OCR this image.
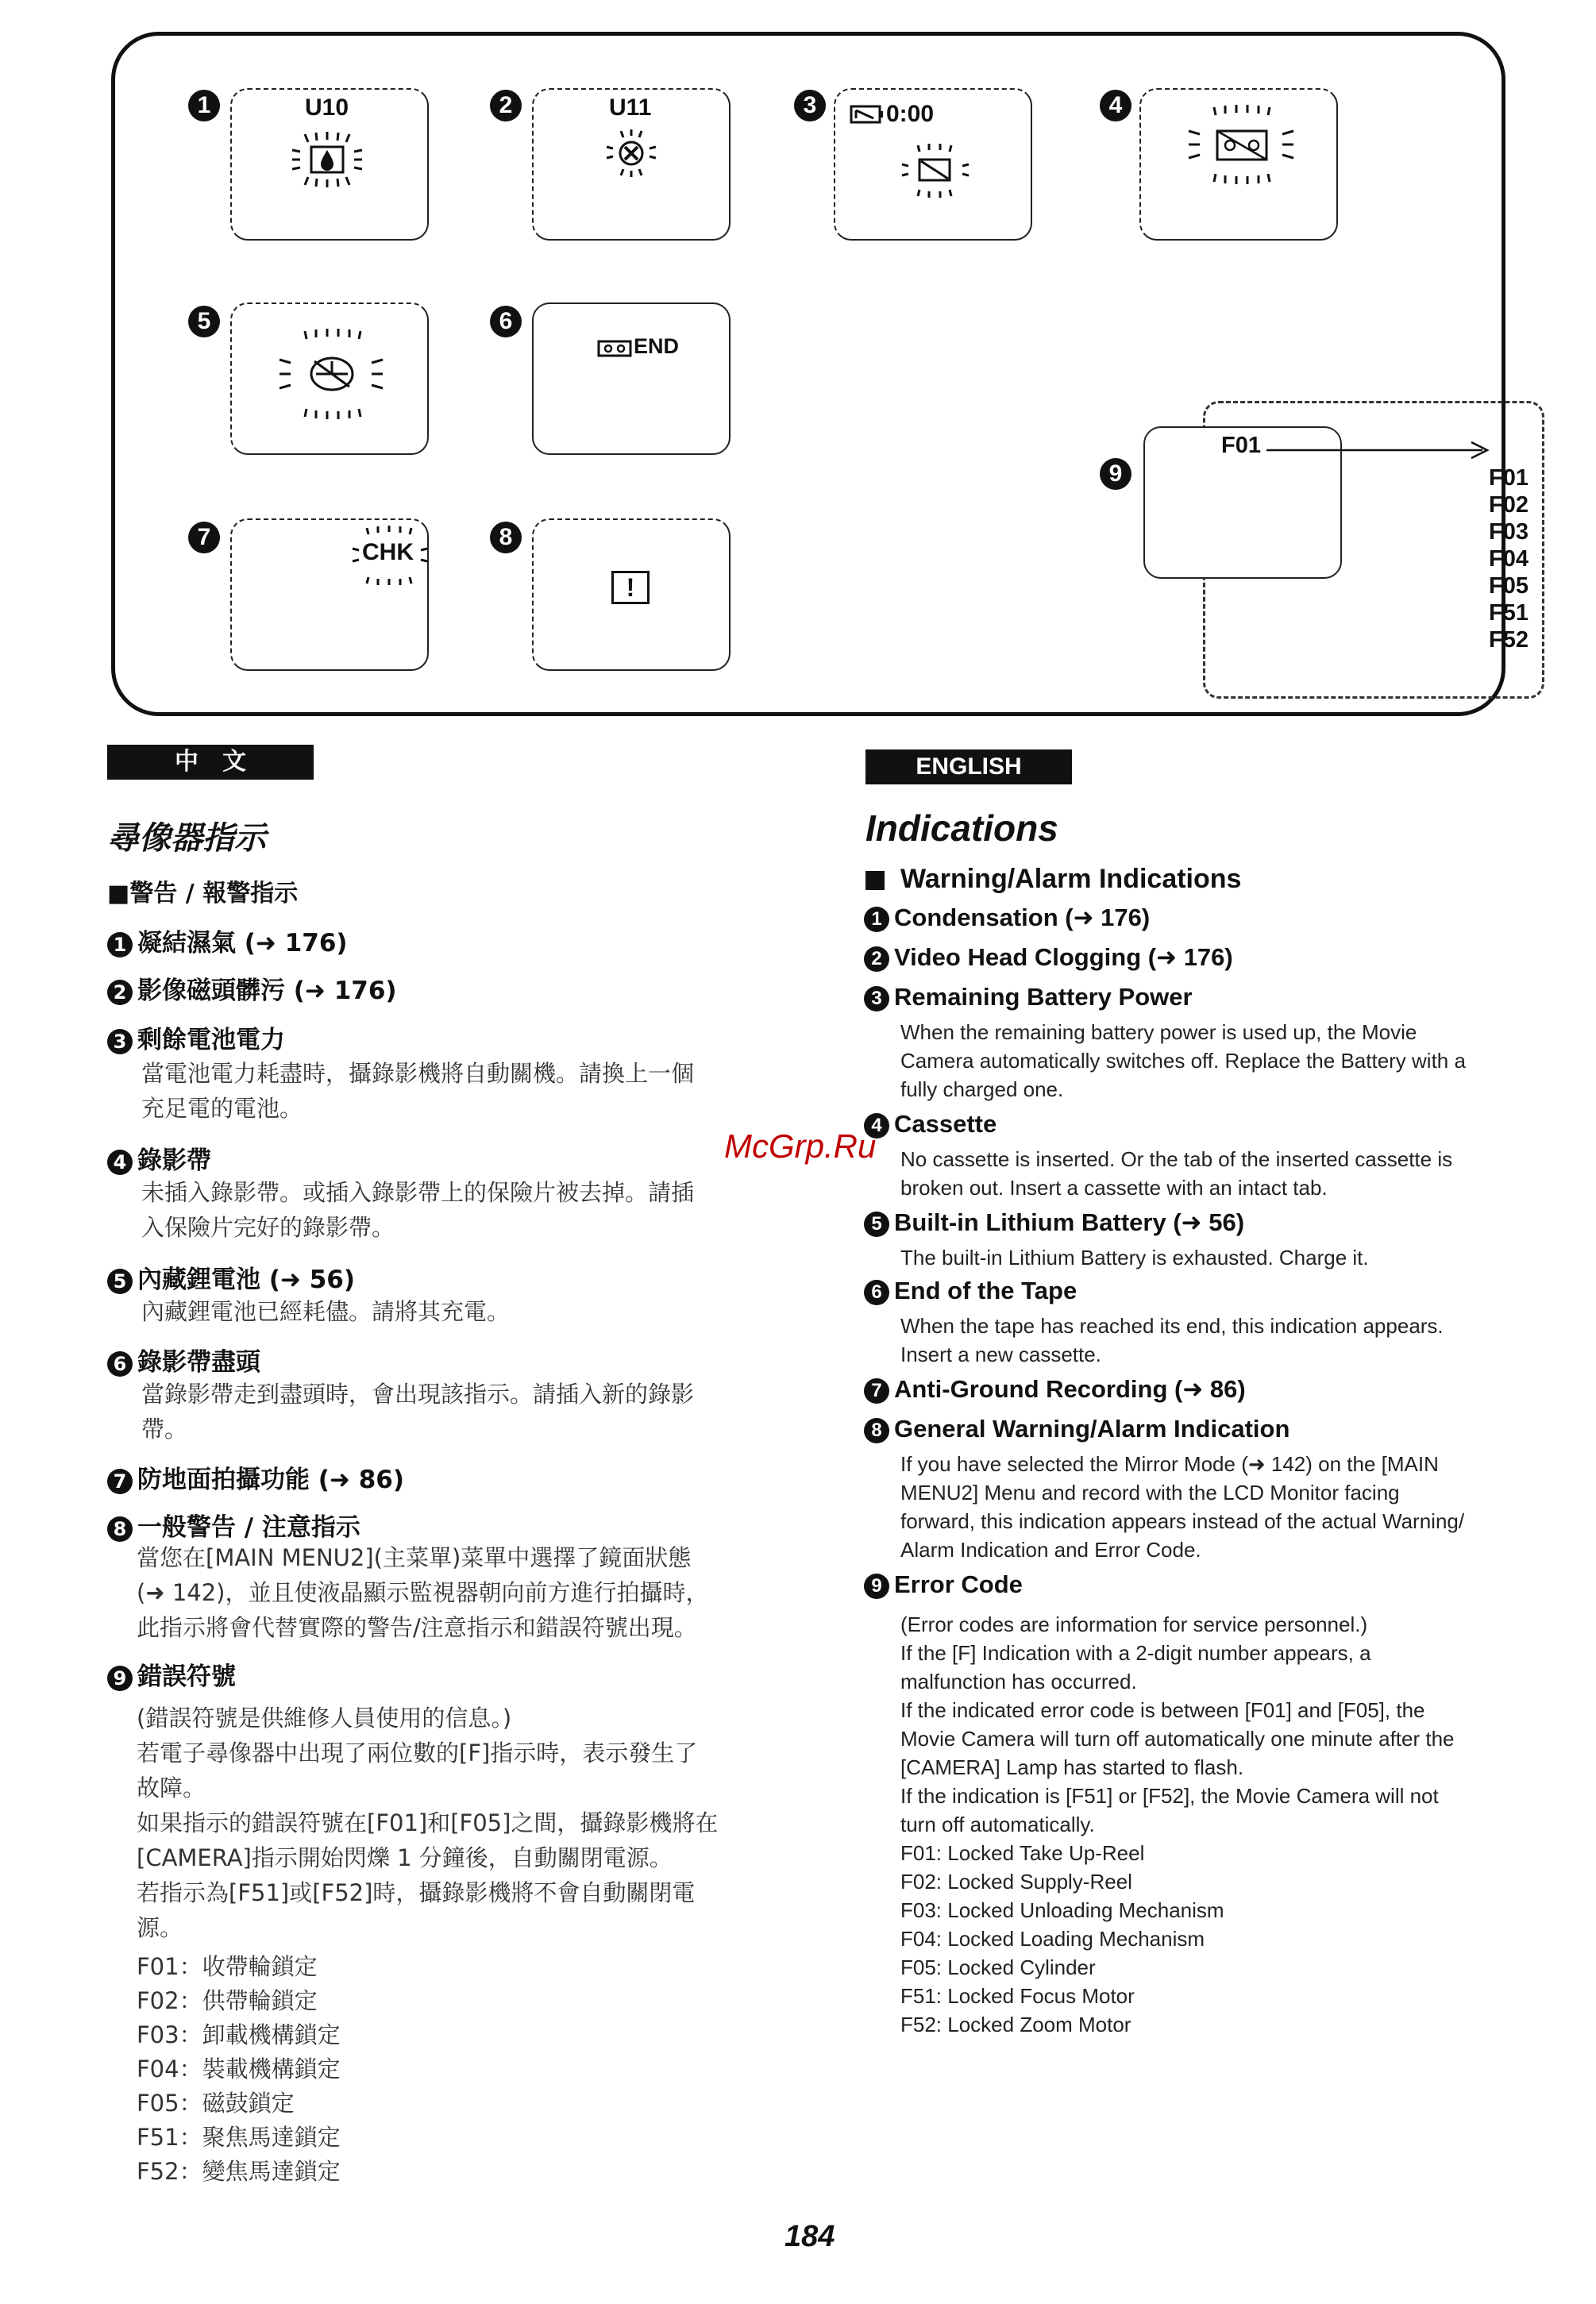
1	U10	2	U11	3	0:00	4
5	6
END
7
CHK
8
!
9
F01
F01
F02
F03
F04
F05
F51
F52
中　文	ENGLISH
尋像器指示
■警告 / 報警指示
1 凝結濕氣 (➜ 176)
2 影像磁頭髒污 (➜ 176)
3 剩餘電池電力
當電池電力耗盡時，攝錄影機將自動關機。請換上一個
充足電的電池。
4 錄影帶
未插入錄影帶。或插入錄影帶上的保險片被去掉。請插
入保險片完好的錄影帶。
5 內藏鋰電池 (➜ 56)
內藏鋰電池已經耗儘。請將其充電。
6 錄影帶盡頭
當錄影帶走到盡頭時，會出現該指示。請插入新的錄影
帶。
7 防地面拍攝功能 (➜ 86)
8 一般警告 / 注意指示
當您在[MAIN MENU2](主菜單)菜單中選擇了鏡面狀態
(➜ 142)，並且使液晶顯示監視器朝向前方進行拍攝時，
此指示將會代替實際的警告/注意指示和錯誤符號出現。
9 錯誤符號
(錯誤符號是供維修人員使用的信息。)
若電子尋像器中出現了兩位數的[F]指示時，表示發生了
故障。
如果指示的錯誤符號在[F01]和[F05]之間，攝錄影機將在
[CAMERA]指示開始閃爍 1 分鐘後，自動關閉電源。
若指示為[F51]或[F52]時，攝錄影機將不會自動關閉電
源。
F01：收帶輪鎖定
F02：供帶輪鎖定
F03：卸載機構鎖定
F04：裝載機構鎖定
F05：磁鼓鎖定
F51：聚焦馬達鎖定
F52：變焦馬達鎖定
Indications
Warning/Alarm Indications
1 Condensation (➜ 176)
2 Video Head Clogging (➜ 176)
3 Remaining Battery Power
When the remaining battery power is used up, the Movie
Camera automatically switches off. Replace the Battery with a
fully charged one.
4 Cassette
No cassette is inserted. Or the tab of the inserted cassette is
broken out. Insert a cassette with an intact tab.
5 Built-in Lithium Battery (➜ 56)
The built-in Lithium Battery is exhausted. Charge it.
6 End of the Tape
When the tape has reached its end, this indication appears.
Insert a new cassette.
7 Anti-Ground Recording (➜ 86)
8 General Warning/Alarm Indication
If you have selected the Mirror Mode (➜ 142) on the [MAIN
MENU2] Menu and record with the LCD Monitor facing
forward, this indication appears instead of the actual Warning/
Alarm Indication and Error Code.
9 Error Code
(Error codes are information for service personnel.)
If the [F] Indication with a 2-digit number appears, a
malfunction has occurred.
If the indicated error code is between [F01] and [F05], the
Movie Camera will turn off automatically one minute after the
[CAMERA] Lamp has started to flash.
If the indication is [F51] or [F52], the Movie Camera will not
turn off automatically.
F01: Locked Take Up-Reel
F02: Locked Supply-Reel
F03: Locked Unloading Mechanism
F04: Locked Loading Mechanism
F05: Locked Cylinder
F51: Locked Focus Motor
F52: Locked Zoom Motor
McGrp.Ru
184
